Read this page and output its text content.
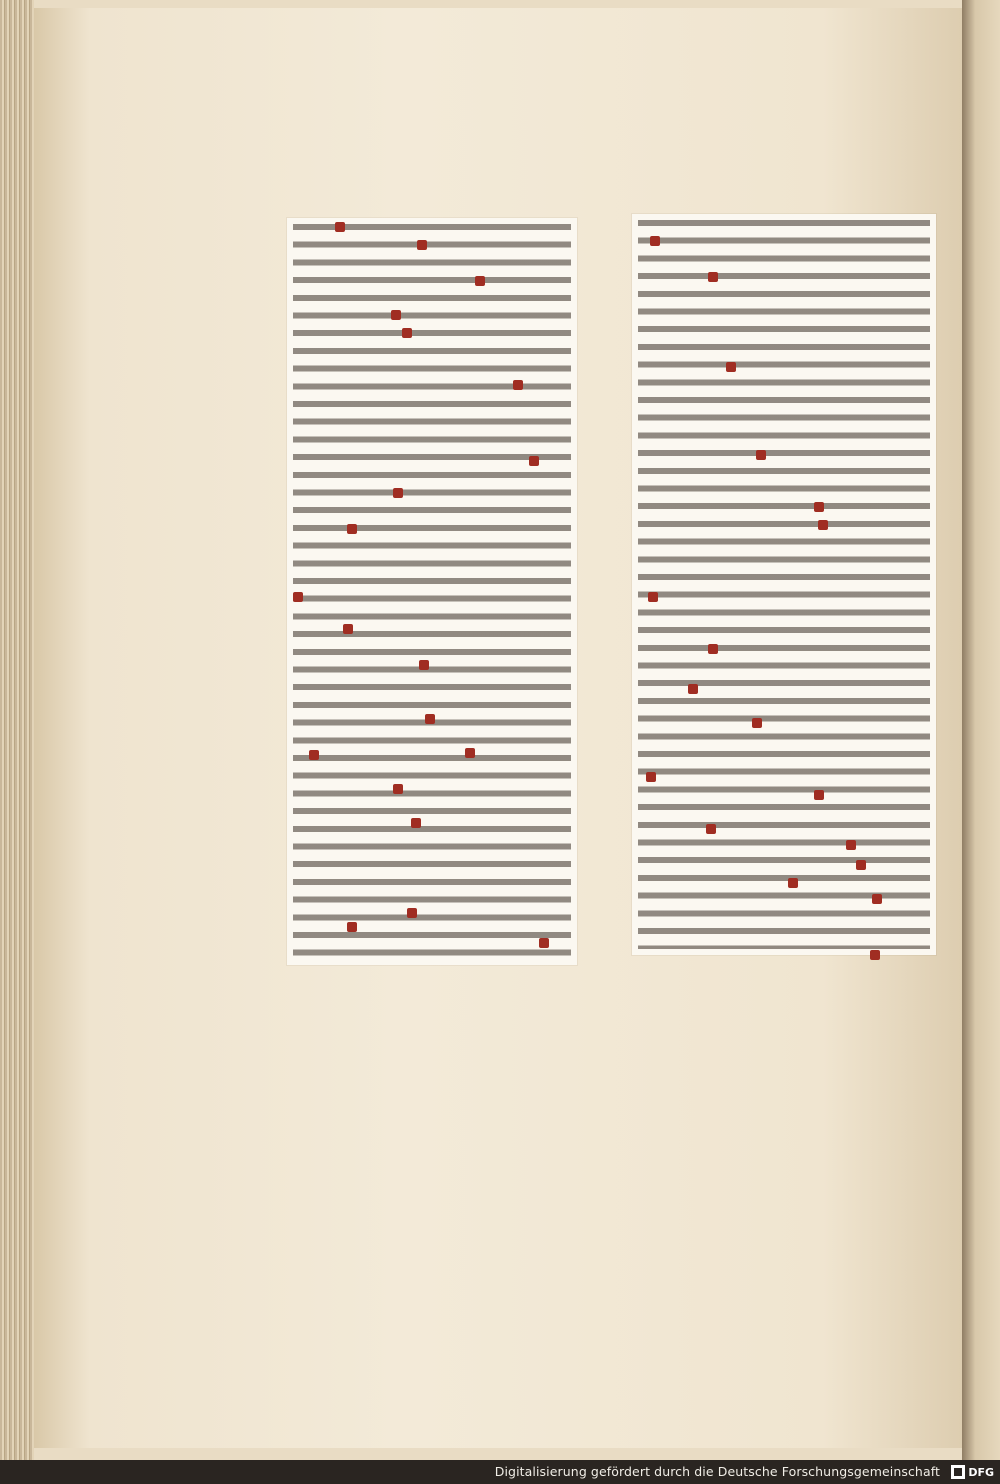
Digitalisierung gefördert durch die Deutsche Forschungsgemeinschaft	DFG
